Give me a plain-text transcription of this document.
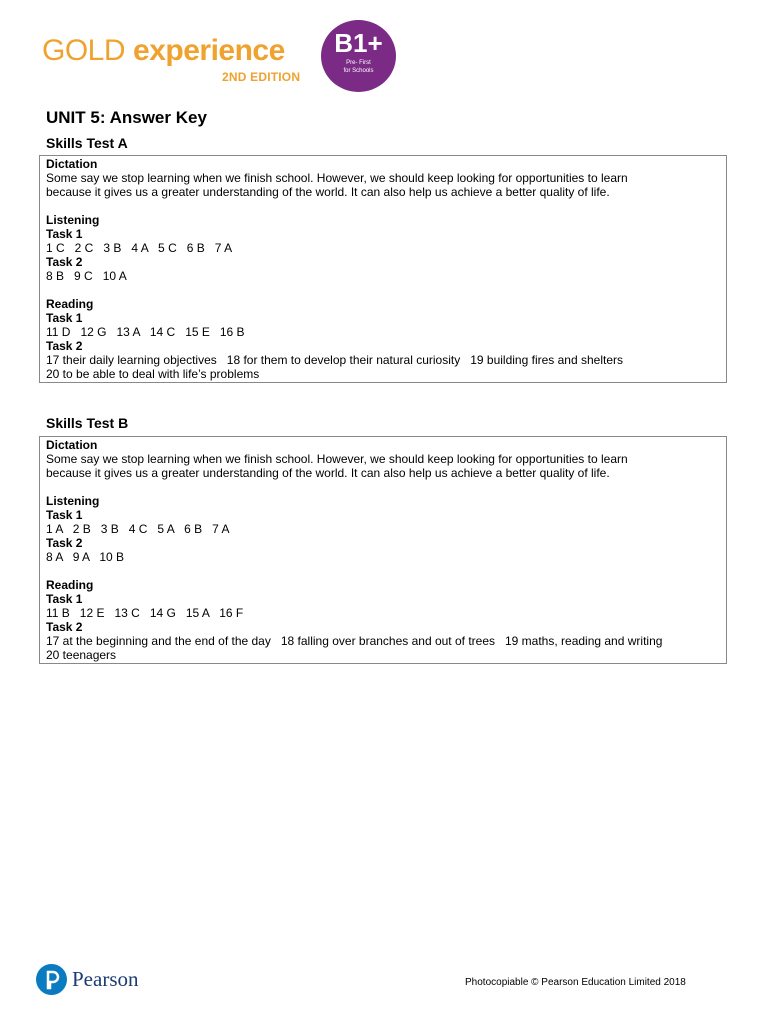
GOLD experience
2ND EDITION
B1+
Pre- First
for Schools
UNIT 5: Answer Key
Skills Test A
Dictation
Some say we stop learning when we finish school. However, we should keep looking for opportunities to learn
because it gives us a greater understanding of the world. It can also help us achieve a better quality of life.
Listening
Task 1
1 C   2 C   3 B   4 A   5 C   6 B   7 A
Task 2
8 B   9 C   10 A
Reading
Task 1
11 D   12 G   13 A   14 C   15 E   16 B
Task 2
17 their daily learning objectives   18 for them to develop their natural curiosity   19 building fires and shelters
20 to be able to deal with life’s problems
Skills Test B
Dictation
Some say we stop learning when we finish school. However, we should keep looking for opportunities to learn
because it gives us a greater understanding of the world. It can also help us achieve a better quality of life.
Listening
Task 1
1 A   2 B   3 B   4 C   5 A   6 B   7 A
Task 2
8 A   9 A   10 B
Reading
Task 1
11 B   12 E   13 C   14 G   15 A   16 F
Task 2
17 at the beginning and the end of the day   18 falling over branches and out of trees   19 maths, reading and writing
20 teenagers
Pearson	Photocopiable © Pearson Education Limited 2018
